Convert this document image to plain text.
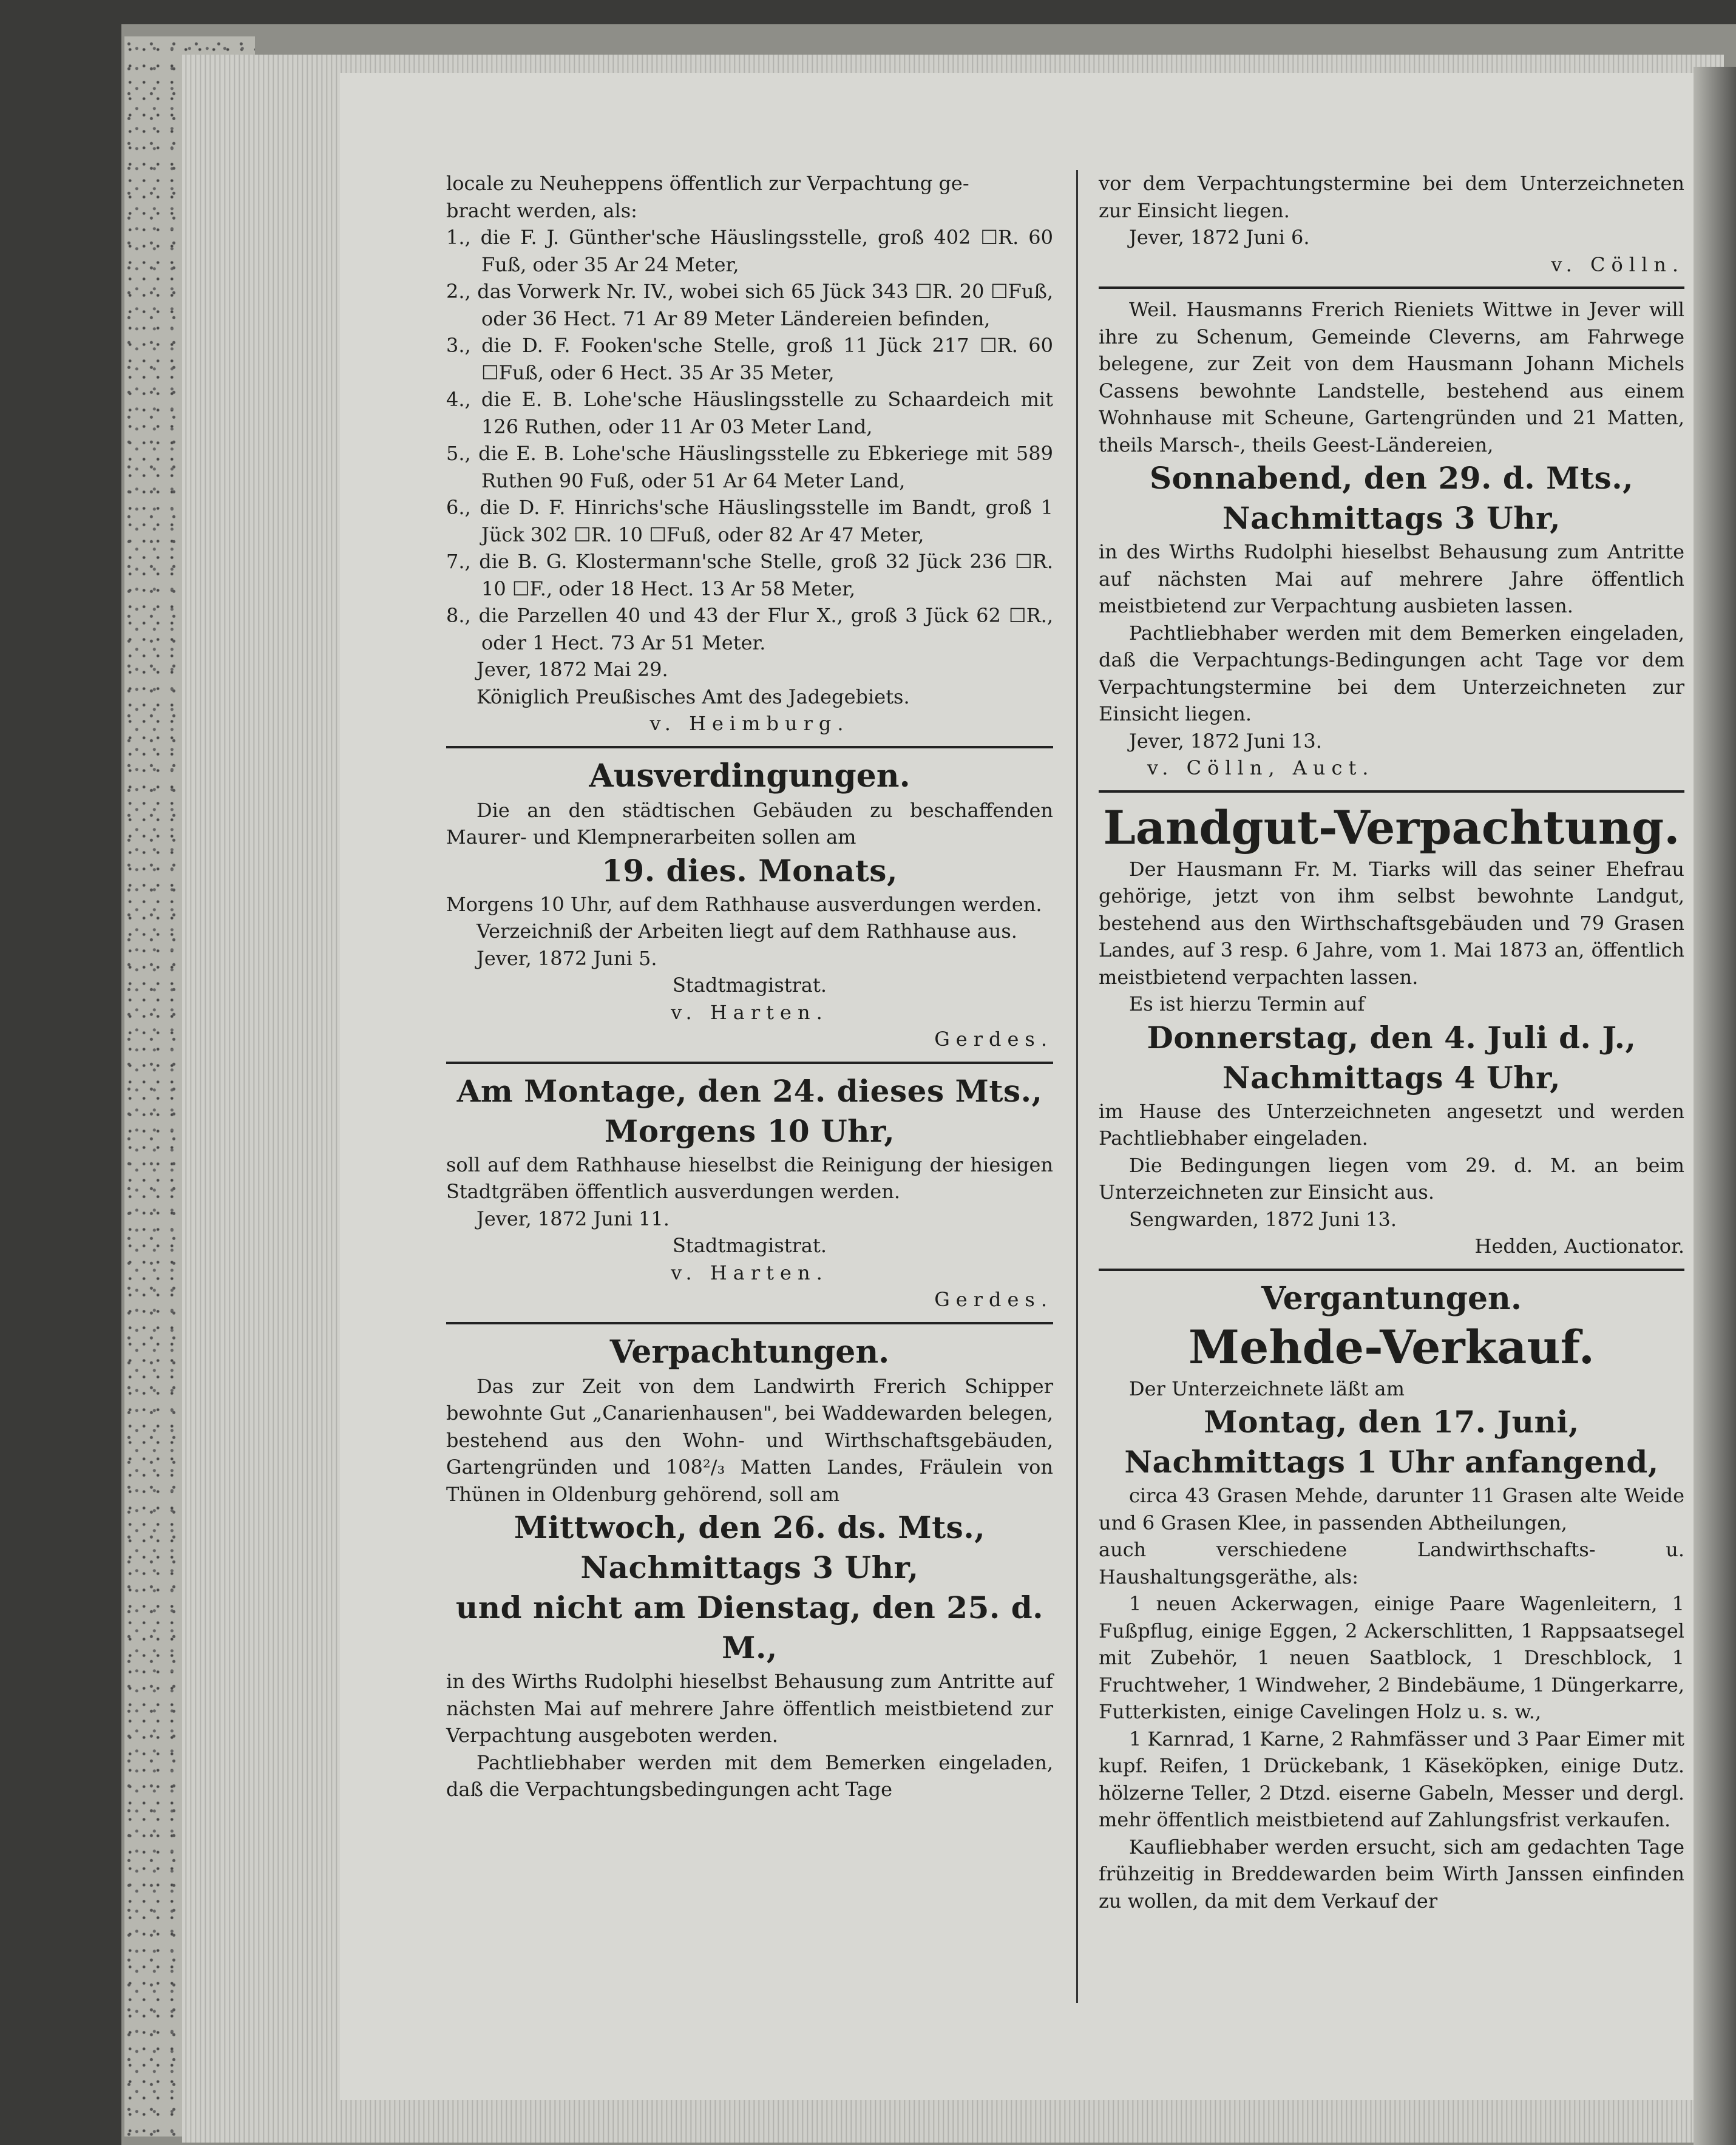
locale zu Neuheppens öffentlich zur Verpachtung ge-

bracht werden, als:

1., die F. J. Günther'sche Häuslingsstelle, groß 402 ☐R. 60 Fuß, oder 35 Ar 24 Meter,

2., das Vorwerk Nr. IV., wobei sich 65 Jück 343 ☐R. 20 ☐Fuß, oder 36 Hect. 71 Ar 89 Meter Ländereien befinden,

3., die D. F. Fooken'sche Stelle, groß 11 Jück 217 ☐R. 60 ☐Fuß, oder 6 Hect. 35 Ar 35 Meter,

4., die E. B. Lohe'sche Häuslingsstelle zu Schaardeich mit 126 Ruthen, oder 11 Ar 03 Meter Land,

5., die E. B. Lohe'sche Häuslingsstelle zu Ebkeriege mit 589 Ruthen 90 Fuß, oder 51 Ar 64 Meter Land,

6., die D. F. Hinrichs'sche Häuslingsstelle im Bandt, groß 1 Jück 302 ☐R. 10 ☐Fuß, oder 82 Ar 47 Meter,

7., die B. G. Klostermann'sche Stelle, groß 32 Jück 236 ☐R. 10 ☐F., oder 18 Hect. 13 Ar 58 Meter,

8., die Parzellen 40 und 43 der Flur X., groß 3 Jück 62 ☐R., oder 1 Hect. 73 Ar 51 Meter.

Jever, 1872 Mai 29.

Königlich Preußisches Amt des Jadegebiets.

v. Heimburg.

Ausverdingungen.

Die an den städtischen Gebäuden zu beschaffenden Maurer- und Klempnerarbeiten sollen am

19. dies. Monats,

Morgens 10 Uhr, auf dem Rathhause ausverdungen werden.

Verzeichniß der Arbeiten liegt auf dem Rathhause aus.

Jever, 1872 Juni 5.

Stadtmagistrat.

v. Harten.

Gerdes.

Am Montage, den 24. dieses Mts.,

Morgens 10 Uhr,

soll auf dem Rathhause hieselbst die Reinigung der hiesigen Stadtgräben öffentlich ausverdungen werden.

Jever, 1872 Juni 11.

Stadtmagistrat.

v. Harten.

Gerdes.

Verpachtungen.

Das zur Zeit von dem Landwirth Frerich Schipper bewohnte Gut „Canarienhausen", bei Waddewarden belegen, bestehend aus den Wohn- und Wirthschaftsgebäuden, Gartengründen und 108²/₃ Matten Landes, Fräulein von Thünen in Oldenburg gehörend, soll am

Mittwoch, den 26. ds. Mts.,

Nachmittags 3 Uhr,

und nicht am Dienstag, den 25. d. M.,

in des Wirths Rudolphi hieselbst Behausung zum Antritte auf nächsten Mai auf mehrere Jahre öffentlich meistbietend zur Verpachtung ausgeboten werden.

Pachtliebhaber werden mit dem Bemerken eingeladen, daß die Verpachtungsbedingungen acht Tage

vor dem Verpachtungstermine bei dem Unterzeichneten zur Einsicht liegen.

Jever, 1872 Juni 6.

v. Cölln.

Weil. Hausmanns Frerich Rieniets Wittwe in Jever will ihre zu Schenum, Gemeinde Cleverns, am Fahrwege belegene, zur Zeit von dem Hausmann Johann Michels Cassens bewohnte Landstelle, bestehend aus einem Wohnhause mit Scheune, Gartengründen und 21 Matten, theils Marsch-, theils Geest-Ländereien,

Sonnabend, den 29. d. Mts.,

Nachmittags 3 Uhr,

in des Wirths Rudolphi hieselbst Behausung zum Antritte auf nächsten Mai auf mehrere Jahre öffentlich meistbietend zur Verpachtung ausbieten lassen.

Pachtliebhaber werden mit dem Bemerken eingeladen, daß die Verpachtungs-Bedingungen acht Tage vor dem Verpachtungstermine bei dem Unterzeichneten zur Einsicht liegen.

Jever, 1872 Juni 13.

v. Cölln, Auct.

Landgut-Verpachtung.

Der Hausmann Fr. M. Tiarks will das seiner Ehefrau gehörige, jetzt von ihm selbst bewohnte Landgut, bestehend aus den Wirthschaftsgebäuden und 79 Grasen Landes, auf 3 resp. 6 Jahre, vom 1. Mai 1873 an, öffentlich meistbietend verpachten lassen.

Es ist hierzu Termin auf

Donnerstag, den 4. Juli d. J.,

Nachmittags 4 Uhr,

im Hause des Unterzeichneten angesetzt und werden Pachtliebhaber eingeladen.

Die Bedingungen liegen vom 29. d. M. an beim Unterzeichneten zur Einsicht aus.

Sengwarden, 1872 Juni 13.

Hedden, Auctionator.

Vergantungen.

Mehde-Verkauf.

Der Unterzeichnete läßt am

Montag, den 17. Juni,

Nachmittags 1 Uhr anfangend,

circa 43 Grasen Mehde, darunter 11 Grasen alte Weide und 6 Grasen Klee, in passenden Abtheilungen,

auch verschiedene Landwirthschafts- u. Haushaltungsgeräthe, als:

1 neuen Ackerwagen, einige Paare Wagenleitern, 1 Fußpflug, einige Eggen, 2 Ackerschlitten, 1 Rappsaatsegel mit Zubehör, 1 neuen Saatblock, 1 Dreschblock, 1 Fruchtweher, 1 Windweher, 2 Bindebäume, 1 Düngerkarre, Futterkisten, einige Cavelingen Holz u. s. w.,

1 Karnrad, 1 Karne, 2 Rahmfässer und 3 Paar Eimer mit kupf. Reifen, 1 Drückebank, 1 Käseköpken, einige Dutz. hölzerne Teller, 2 Dtzd. eiserne Gabeln, Messer und dergl. mehr öffentlich meistbietend auf Zahlungsfrist verkaufen.

Kaufliebhaber werden ersucht, sich am gedachten Tage frühzeitig in Breddewarden beim Wirth Janssen einfinden zu wollen, da mit dem Verkauf der
